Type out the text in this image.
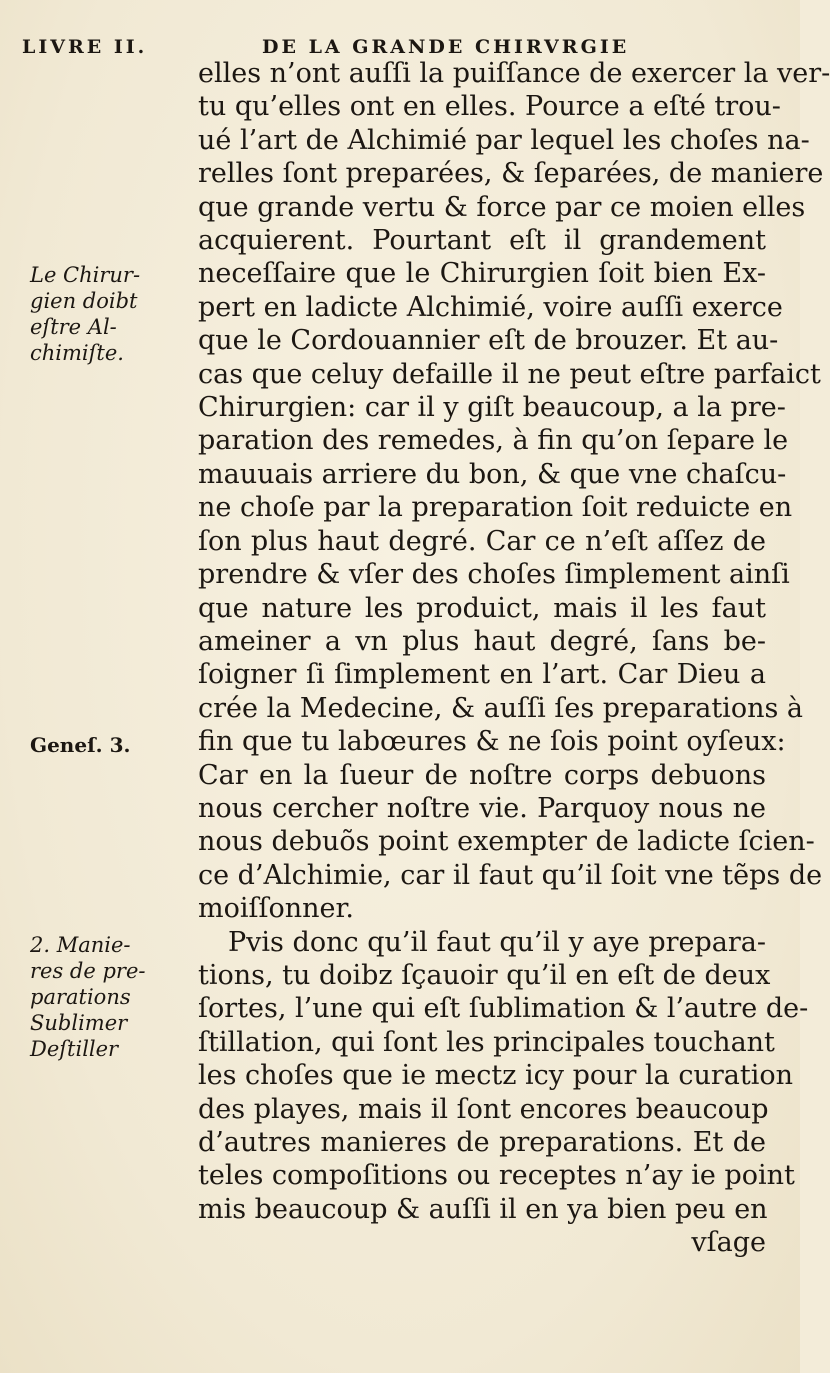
LIVRE II.	DE LA GRANDE CHIRVRGIE
Le Chirur-
gien doibt
eſtre Al-
chimiſte.
Geneſ. 3.
2. Manie-
res de pre-
parations
Sublimer
Deſtiller
elles n’ont auſſi la puiſſance de exercer la ver-
tu qu’elles ont en elles. Pource a eſté trou-
ué l’art de Alchimié par lequel les choſes na-
relles ſont preparées, & ſeparées, de maniere
que grande vertu & force par ce moien elles
acquierent. Pourtant eſt il grandement
neceſſaire que le Chirurgien ſoit bien Ex-
pert en ladicte Alchimié, voire auſſi exerce
que le Cordouannier eſt de brouzer. Et au-
cas que celuy defaille il ne peut eſtre parfaict
Chirurgien: car il y giſt beaucoup, a la pre-
paration des remedes, à fin qu’on ſepare le
mauuais arriere du bon, & que vne chaſcu-
ne choſe par la preparation ſoit reduicte en
ſon plus haut degré. Car ce n’eſt aſſez de
prendre & vſer des choſes ſimplement ainſi
que nature les produict, mais il les faut
ameiner a vn plus haut degré, ſans be-
ſoigner ſi ſimplement en l’art. Car Dieu a
crée la Medecine, & auſſi ſes preparations à
fin que tu labœures & ne ſois point oyſeux:
Car en la ſueur de noſtre corps debuons
nous cercher noſtre vie. Parquoy nous ne
nous debuõs point exempter de ladicte ſcien-
ce d’Alchimie, car il faut qu’il ſoit vne tẽps de
moiſſonner.
Pvis donc qu’il faut qu’il y aye prepara-
tions, tu doibz ſçauoir qu’il en eſt de deux
ſortes, l’une qui eſt ſublimation & l’autre de-
ſtillation, qui ſont les principales touchant
les choſes que ie mectz icy pour la curation
des playes, mais il ſont encores beaucoup
d’autres manieres de preparations. Et de
teles compoſitions ou receptes n’ay ie point
mis beaucoup & auſſi il en ya bien peu en
vſage
